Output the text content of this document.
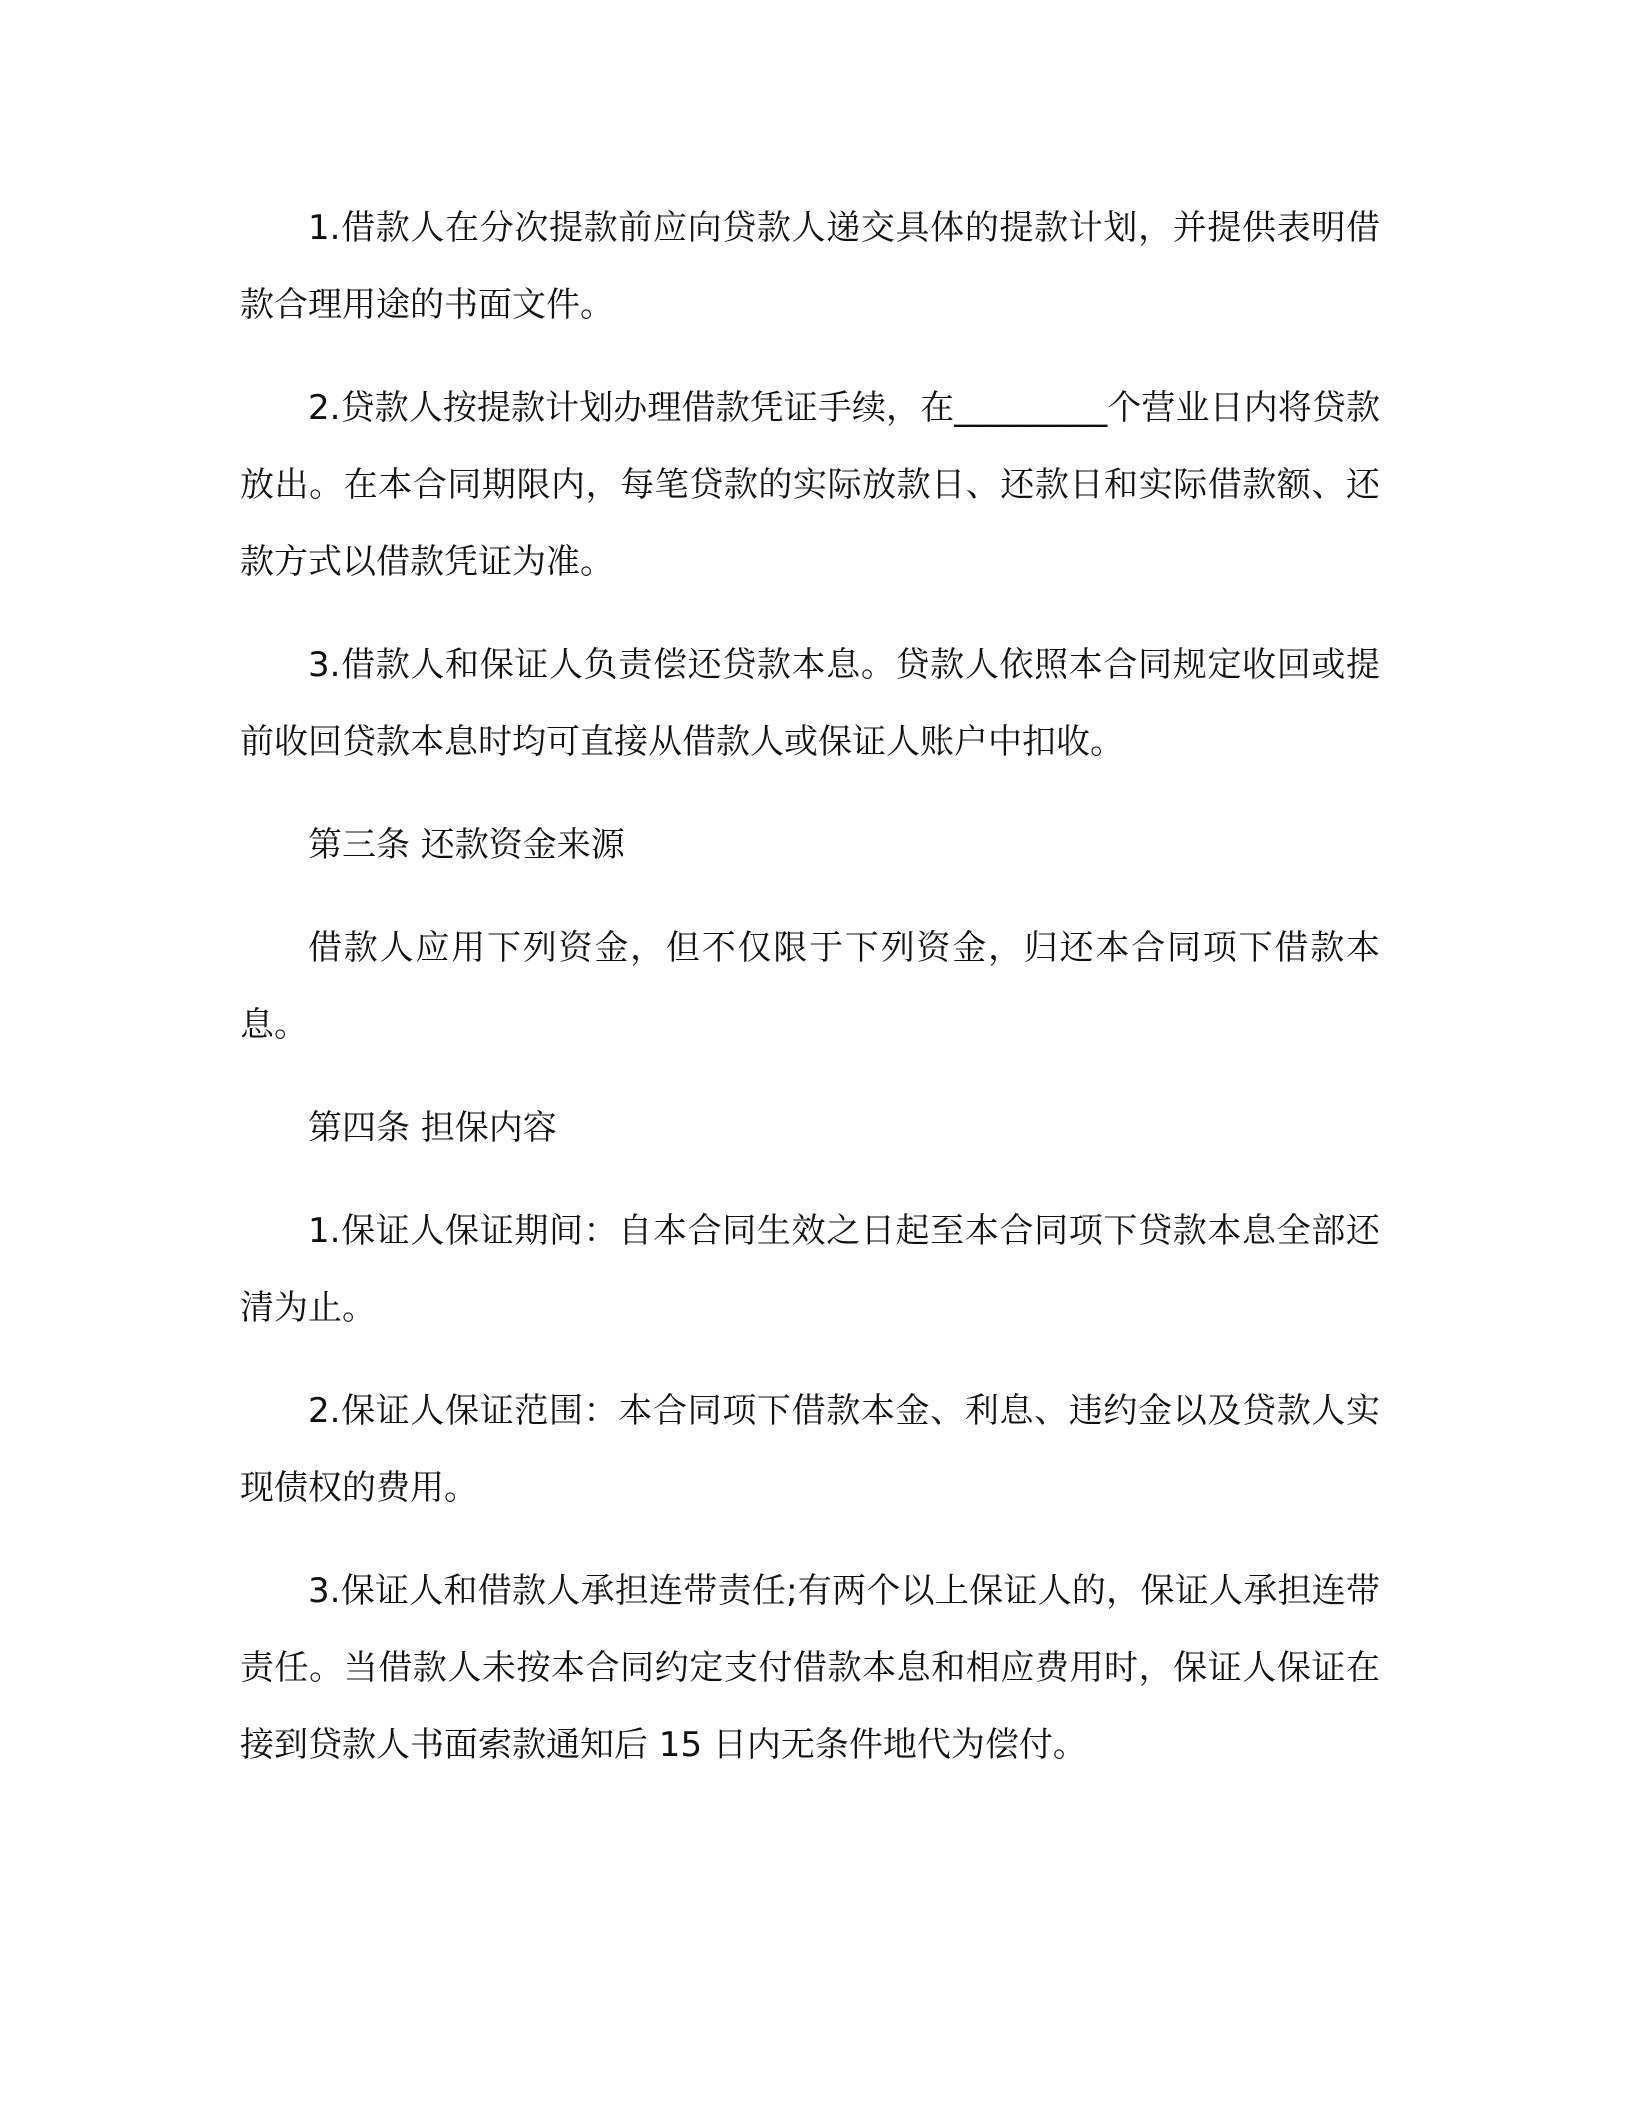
1.借款人在分次提款前应向贷款人递交具体的提款计划，并提供表明借款合理用途的书面文件。

2.贷款人按提款计划办理借款凭证手续，在_________个营业日内将贷款放出。在本合同期限内，每笔贷款的实际放款日、还款日和实际借款额、还款方式以借款凭证为准。

3.借款人和保证人负责偿还贷款本息。贷款人依照本合同规定收回或提前收回贷款本息时均可直接从借款人或保证人账户中扣收。

第三条 还款资金来源

借款人应用下列资金，但不仅限于下列资金，归还本合同项下借款本息。

第四条 担保内容

1.保证人保证期间：自本合同生效之日起至本合同项下贷款本息全部还清为止。

2.保证人保证范围：本合同项下借款本金、利息、违约金以及贷款人实现债权的费用。

3.保证人和借款人承担连带责任;有两个以上保证人的，保证人承担连带责任。当借款人未按本合同约定支付借款本息和相应费用时，保证人保证在接到贷款人书面索款通知后 15 日内无条件地代为偿付。
